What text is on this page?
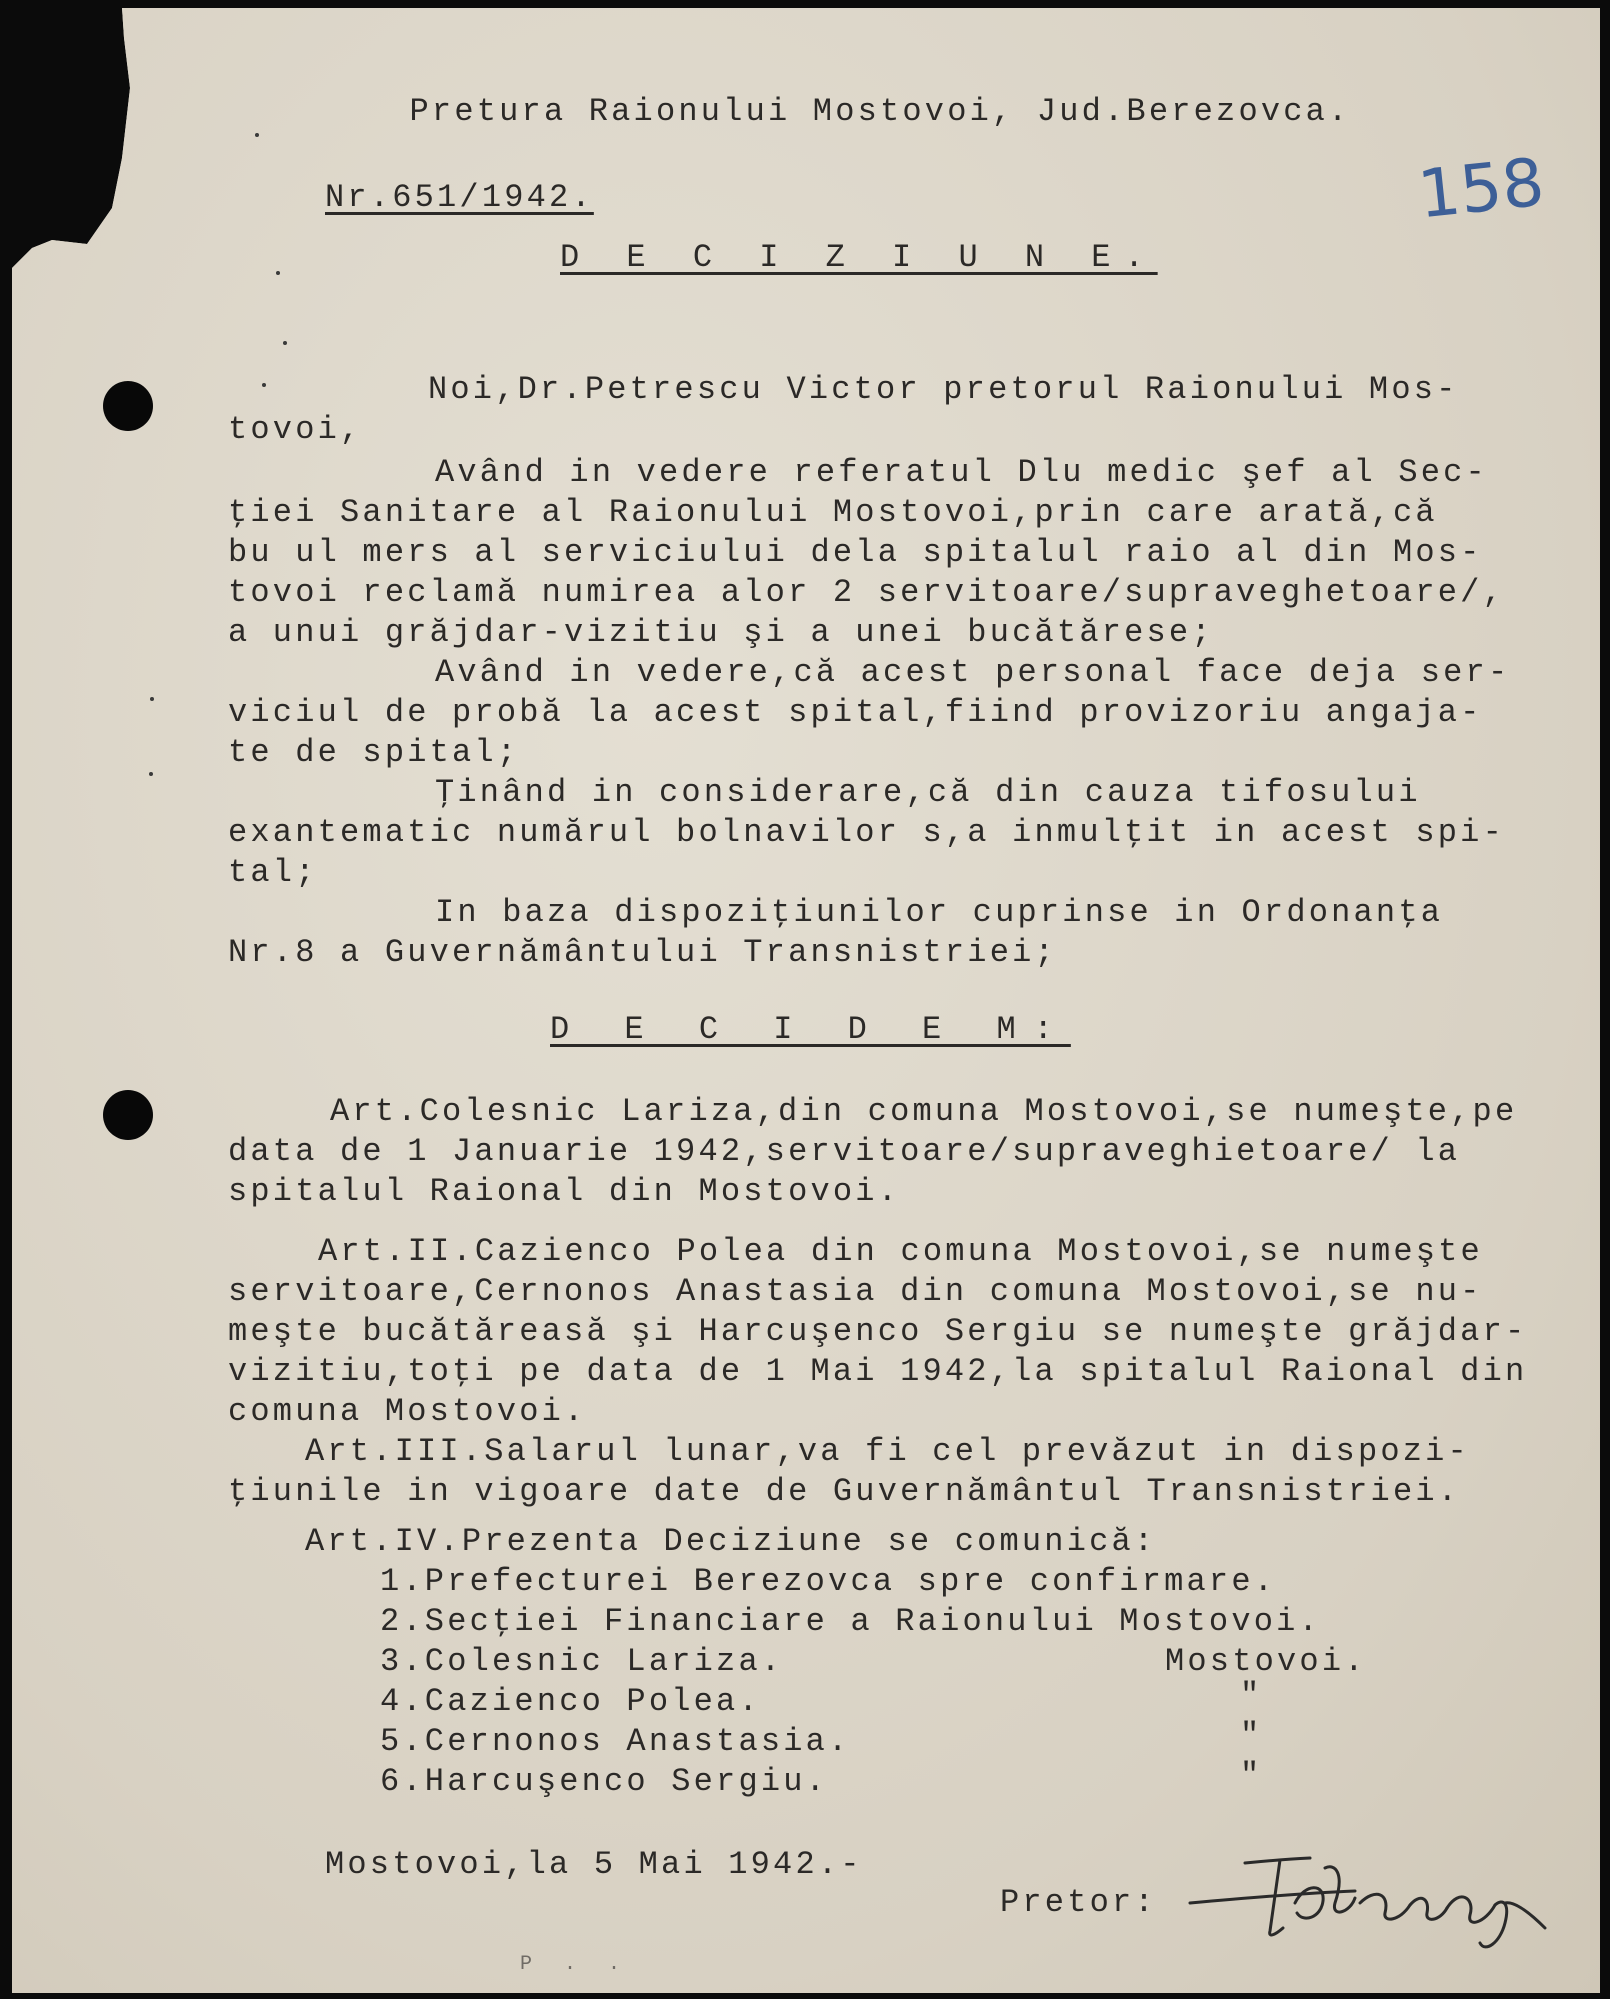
Pretura Raionului Mostovoi, Jud.Berezovca.
Nr.651/1942.	158
D E C I Z I U N E.
Noi,Dr.Petrescu Victor pretorul Raionului Mos-
tovoi,
Având in vedere referatul Dlu medic şef al Sec-
ţiei Sanitare al Raionului Mostovoi,prin care arată,că
bu ul mers al serviciului dela spitalul raio al din Mos-
tovoi reclamă numirea alor 2 servitoare/supraveghetoare/,
a unui grăjdar-vizitiu şi a unei bucătărese;
Având in vedere,că acest personal face deja ser-
viciul de probă la acest spital,fiind provizoriu angaja-
te de spital;
Ţinând in considerare,că din cauza tifosului
exantematic numărul bolnavilor s,a inmulţit in acest spi-
tal;
In baza dispoziţiunilor cuprinse in Ordonanţa
Nr.8 a Guvernământului Transnistriei;
D E C I D E M:
Art.Colesnic Lariza,din comuna Mostovoi,se numeşte,pe
data de 1 Januarie 1942,servitoare/supraveghietoare/ la
spitalul Raional din Mostovoi.
Art.II.Cazienco Polea din comuna Mostovoi,se numeşte
servitoare,Cernonos Anastasia din comuna Mostovoi,se nu-
meşte bucătăreasă şi Harcuşenco Sergiu se numeşte grăjdar-
vizitiu,toţi pe data de 1 Mai 1942,la spitalul Raional din
comuna Mostovoi.
Art.III.Salarul lunar,va fi cel prevăzut in dispozi-
ţiunile in vigoare date de Guvernământul Transnistriei.
Art.IV.Prezenta Deciziune se comunică:
1.Prefecturei Berezovca spre confirmare.
2.Secţiei Financiare a Raionului Mostovoi.
3.Colesnic Lariza.	Mostovoi.
4.Cazienco Polea.	"
5.Cernonos Anastasia.	"
6.Harcuşenco Sergiu.	"
Mostovoi,la 5 Mai 1942.-
Pretor:
P . .
